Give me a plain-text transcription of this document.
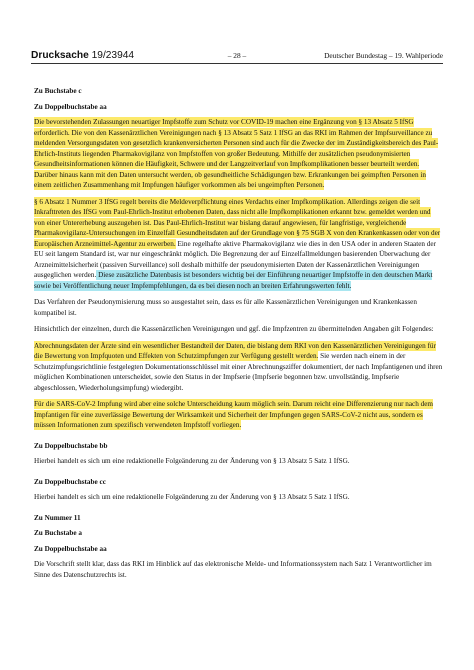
Drucksache 19/23944	– 28 –	Deutscher Bundestag – 19. Wahlperiode
Zu Buchstabe c
Zu Doppelbuchstabe aa
Die bevorstehenden Zulassungen neuartiger Impfstoffe zum Schutz vor COVID-19 machen eine Ergänzung von § 13 Absatz 5 IfSG erforderlich. Die von den Kassenärztlichen Vereinigungen nach § 13 Absatz 5 Satz 1 IfSG an das RKI im Rahmen der Impfsurveillance zu meldenden Versorgungsdaten von gesetzlich krankenversicherten Personen sind auch für die Zwecke der im Zuständigkeitsbereich des Paul-Ehrlich-Instituts liegenden Pharmakovigilanz von Impfstoffen von großer Bedeutung. Mithilfe der zusätzlichen pseudonymisierten Gesundheitsinformationen können die Häufigkeit, Schwere und der Langzeitverlauf von Impfkomplikationen besser beurteilt werden. Darüber hinaus kann mit den Daten untersucht werden, ob gesundheitliche Schädigungen bzw. Erkrankungen bei geimpften Personen in einem zeitlichen Zusammenhang mit Impfungen häufiger vorkommen als bei ungeimpften Personen.
§ 6 Absatz 1 Nummer 3 IfSG regelt bereits die Meldeverpflichtung eines Verdachts einer Impfkomplikation. Allerdings zeigen die seit Inkrafttreten des IfSG vom Paul-Ehrlich-Institut erhobenen Daten, dass nicht alle Impfkomplikationen erkannt bzw. gemeldet werden und von einer Untererhebung auszugehen ist. Das Paul-Ehrlich-Institut war bislang darauf angewiesen, für langfristige, vergleichende Pharmakovigilanz-Untersuchungen im Einzelfall Gesundheitsdaten auf der Grundlage von § 75 SGB X von den Krankenkassen oder von der Europäischen Arzneimittel-Agentur zu erwerben. Eine regelhafte aktive Pharmakovigilanz wie dies in den USA oder in anderen Staaten der EU seit langem Standard ist, war nur eingeschränkt möglich. Die Begrenzung der auf Einzelfallmeldungen basierenden Überwachung der Arzneimittelsicherheit (passiven Surveillance) soll deshalb mithilfe der pseudonymisierten Daten der Kassenärztlichen Vereinigungen ausgeglichen werden. Diese zusätzliche Datenbasis ist besonders wichtig bei der Einführung neuartiger Impfstoffe in den deutschen Markt sowie bei Veröffentlichung neuer Impfempfehlungen, da es bei diesen noch an breiten Erfahrungswerten fehlt.
Das Verfahren der Pseudonymisierung muss so ausgestaltet sein, dass es für alle Kassenärztlichen Vereinigungen und Krankenkassen kompatibel ist.
Hinsichtlich der einzelnen, durch die Kassenärztlichen Vereinigungen und ggf. die Impfzentren zu übermittelnden Angaben gilt Folgendes:
Abrechnungsdaten der Ärzte sind ein wesentlicher Bestandteil der Daten, die bislang dem RKI von den Kassenärztlichen Vereinigungen für die Bewertung von Impfquoten und Effekten von Schutzimpfungen zur Verfügung gestellt werden. Sie werden nach einem in der Schutzimpfungsrichtlinie festgelegten Dokumentationsschlüssel mit einer Abrechnungsziffer dokumentiert, der nach Impfantigenen und ihren möglichen Kombinationen unterscheidet, sowie den Status in der Impfserie (Impfserie begonnen bzw. unvollständig, Impfserie abgeschlossen, Wiederholungsimpfung) wiedergibt.
Für die SARS-CoV-2 Impfung wird aber eine solche Unterscheidung kaum möglich sein. Darum reicht eine Differenzierung nur nach dem Impfantigen für eine zuverlässige Bewertung der Wirksamkeit und Sicherheit der Impfungen gegen SARS-CoV-2 nicht aus, sondern es müssen Informationen zum spezifisch verwendeten Impfstoff vorliegen.
Zu Doppelbuchstabe bb
Hierbei handelt es sich um eine redaktionelle Folgeänderung zu der Änderung von § 13 Absatz 5 Satz 1 IfSG.
Zu Doppelbuchstabe cc
Hierbei handelt es sich um eine redaktionelle Folgeänderung zu der Änderung von § 13 Absatz 5 Satz 1 IfSG.
Zu Nummer 11
Zu Buchstabe a
Zu Doppelbuchstabe aa
Die Vorschrift stellt klar, dass das RKI im Hinblick auf das elektronische Melde- und Informationssystem nach Satz 1 Verantwortlicher im Sinne des Datenschutzrechts ist.
